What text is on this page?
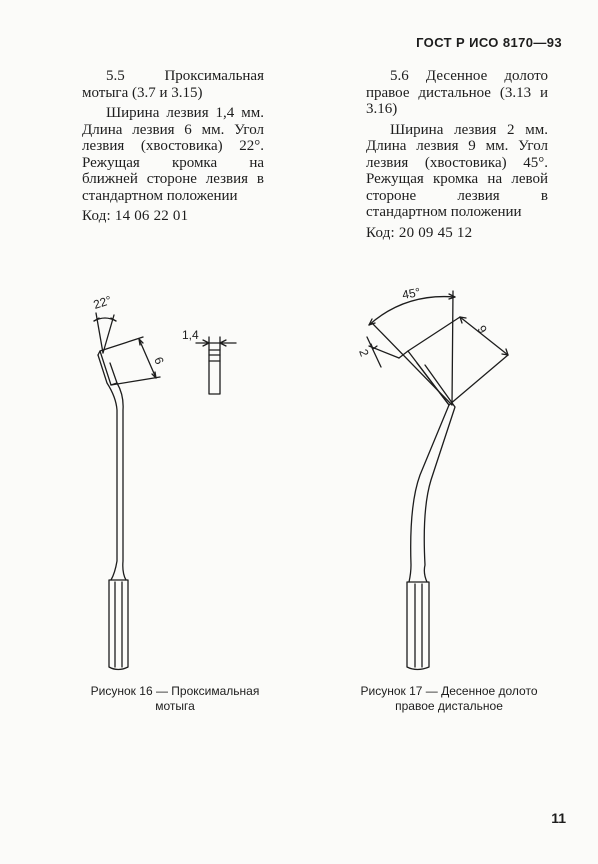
ГОСТ Р ИСО 8170—93

5.5 Проксимальная мотыга (3.7 и 3.15)

Ширина лезвия 1,4 мм. Длина лезвия 6 мм. Угол лезвия (хвостовика) 22°. Режущая кромка на ближней стороне лезвия в стандартном положении

Код: 14 06 22 01

5.6 Десенное долото правое дистальное (3.13 и 3.16)

Ширина лезвия 2 мм. Длина лезвия 9 мм. Угол лезвия (хвостовика) 45°. Режущая кромка на левой стороне лезвия в стандартном положении

Код: 20 09 45 12

22°
6
1,4
45°
9
2
Рисунок 16 — Проксимальная мотыга
Рисунок 17 — Десенное долото правое дистальное
11
